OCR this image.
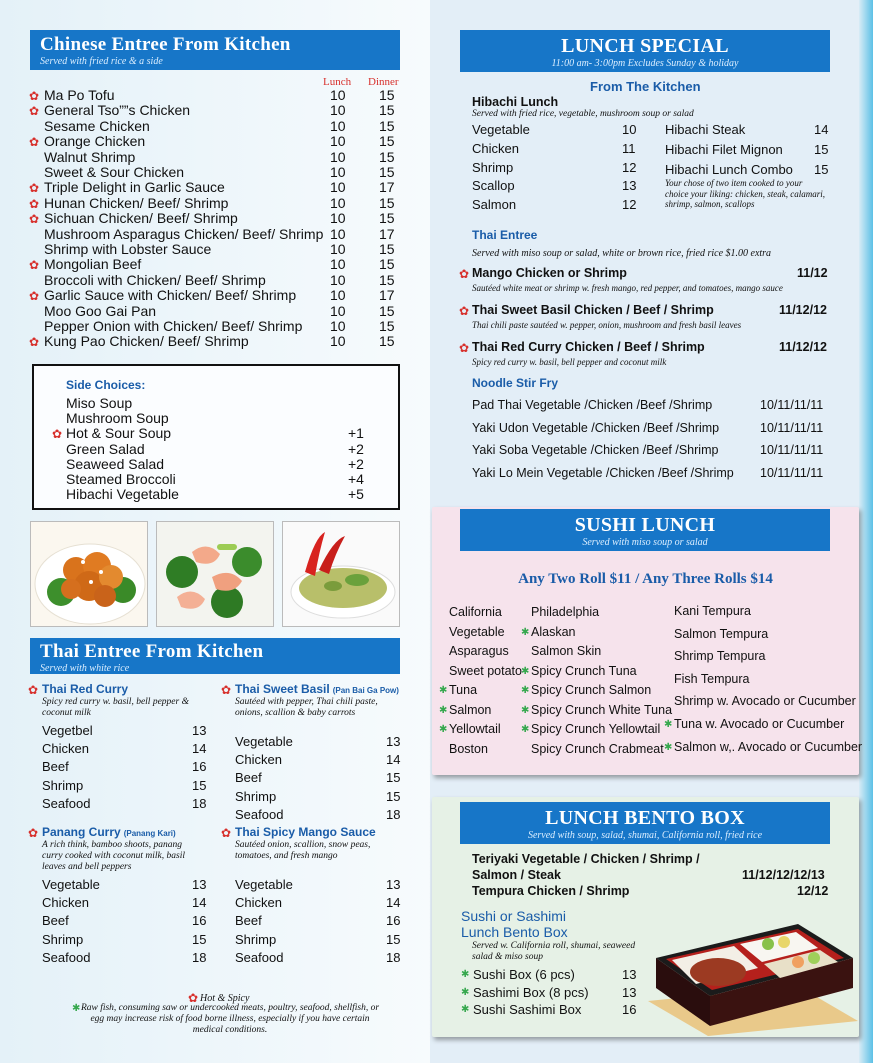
Chinese Entree From Kitchen
Served with fried rice & a side
Lunch Dinner
✿ Ma Po Tofu	10 15
✿ General Tso””s Chicken	10 15
Sesame Chicken	10 15
✿ Orange Chicken	10 15
Walnut Shrimp	10 15
Sweet & Sour Chicken	10 15
✿ Triple Delight in Garlic Sauce	10 17
✿ Hunan Chicken/ Beef/ Shrimp	10 15
✿ Sichuan Chicken/ Beef/ Shrimp	10 15
Mushroom Asparagus Chicken/ Beef/ Shrimp 10 17
Shrimp with Lobster Sauce	10 15
✿ Mongolian Beef	10 15
Broccoli with Chicken/ Beef/ Shrimp	10 15
✿ Garlic Sauce with Chicken/ Beef/ Shrimp 10 17
Moo Goo Gai Pan	10 15
Pepper Onion with Chicken/ Beef/ Shrimp 10 15
✿ Kung Pao Chicken/ Beef/ Shrimp	10 15
Side Choices:
Miso Soup
Mushroom Soup
✿ Hot & Sour Soup	+1
Green Salad	+2
Seaweed Salad	+2
Steamed Broccoli	+4
Hibachi Vegetable	+5
Thai Entree From Kitchen
Served with white rice
✿ Thai Red Curry
Spicy red curry w. basil, bell pepper & coconut milk
Vegetbel	13
Chicken	14
Beef	16
Shrimp	15
Seafood	18
✿ Thai Sweet Basil (Pan Bai Ga Pow)
Sautéed with pepper, Thai chili paste, onions, scallion & baby carrots
Vegetable	13
Chicken	14
Beef	15
Shrimp	15
Seafood	18
✿ Panang Curry (Panang Kari)
A rich think, bamboo shoots, panang curry cooked with coconut milk, basil leaves and bell peppers
Vegetable	13
Chicken	14
Beef	16
Shrimp	15
Seafood	18
✿ Thai Spicy Mango Sauce
Sautéed onion, scallion, snow peas, tomatoes, and fresh mango
Vegetable	13
Chicken	14
Beef	16
Shrimp	15
Seafood	18
✿ Hot & Spicy
✱ Raw fish, consuming saw or undercooked meats, poultry, seafood, shellfish, or egg may increase risk of food borne illness, especially if you have certain medical conditions.
LUNCH SPECIAL
11:00 am- 3:00pm Excludes Sunday & holiday
From The Kitchen
Hibachi Lunch
Served with fried rice, vegetable, mushroom soup or salad
Vegetable	10
Chicken	11
Shrimp	12
Scallop	13
Salmon	12
Hibachi Steak	14
Hibachi Filet Mignon 15
Hibachi Lunch Combo 15
Your chose of two item cooked to your choice your liking: chicken, steak, calamari, shrimp, salmon, scallops
Thai Entree
Served with miso soup or salad, white or brown rice, fried rice $1.00 extra
✿ Mango Chicken or Shrimp	11/12
Sautéed white meat or shrimp w. fresh mango, red pepper, and tomatoes, mango sauce
✿ Thai Sweet Basil Chicken / Beef / Shrimp	11/12/12
Thai chili paste sautéed w. pepper, onion, mushroom and fresh basil leaves
✿ Thai Red Curry Chicken / Beef / Shrimp	11/12/12
Spicy red curry w. basil, bell pepper and coconut milk
Noodle Stir Fry
Pad Thai Vegetable /Chicken /Beef /Shrimp	10/11/11/11
Yaki Udon Vegetable /Chicken /Beef /Shrimp	10/11/11/11
Yaki Soba Vegetable /Chicken /Beef /Shrimp	10/11/11/11
Yaki Lo Mein Vegetable /Chicken /Beef /Shrimp 10/11/11/11
SUSHI LUNCH
Served with miso soup or salad
Any Two Roll $11 / Any Three Rolls $14
California
Vegetable
Asparagus
Sweet potato
✱ Tuna
✱ Salmon
✱ Yellowtail
Boston
Philadelphia
✱ Alaskan
Salmon Skin
✱ Spicy Crunch Tuna
✱ Spicy Crunch Salmon
✱ Spicy Crunch White Tuna
✱ Spicy Crunch Yellowtail
Spicy Crunch Crabmeat
Kani Tempura
Salmon Tempura
Shrimp Tempura
Fish Tempura
Shrimp w. Avocado or Cucumber
✱ Tuna w. Avocado or Cucumber
✱ Salmon w,. Avocado or Cucumber
LUNCH BENTO BOX
Served with soup, salad, shumai, California roll, fried rice
Teriyaki Vegetable / Chicken / Shrimp /
Salmon / Steak	11/12/12/12/13
Tempura Chicken / Shrimp	12/12
Sushi or Sashimi
Lunch Bento Box
Served w. California roll, shumai, seaweed salad & miso soup
✱ Sushi Box (6 pcs)	13
✱ Sashimi Box (8 pcs)	13
✱ Sushi Sashimi Box	16
